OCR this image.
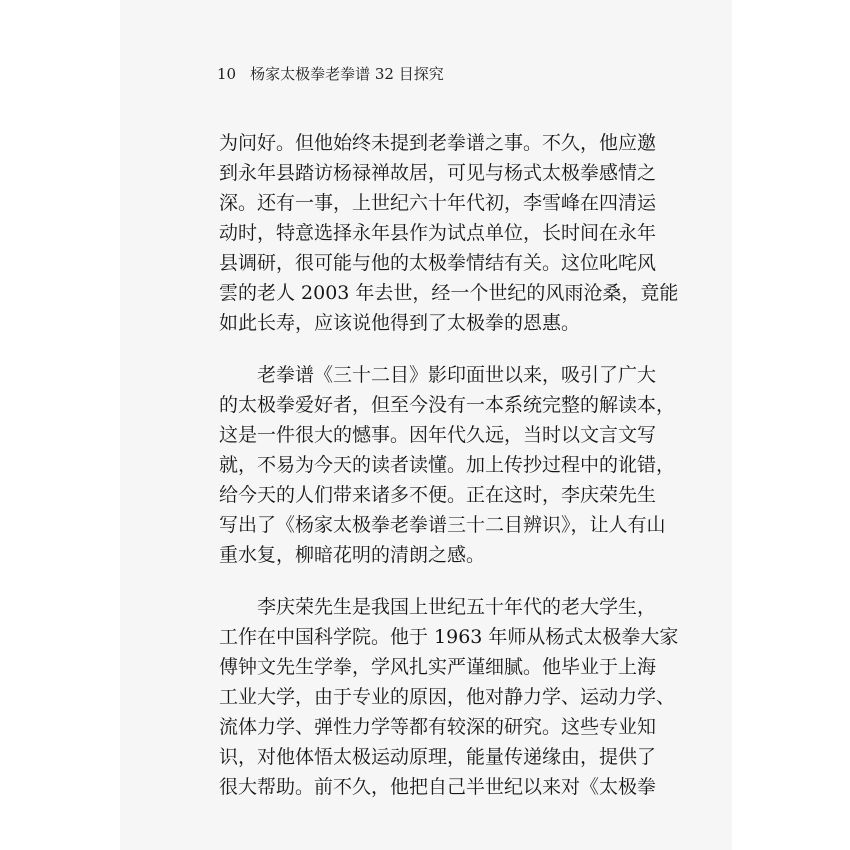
10 杨家太极拳老拳谱 32 目探究
为问好。但他始终未提到老拳谱之事。不久，他应邀
到永年县踏访杨禄禅故居，可见与杨式太极拳感情之
深。还有一事，上世纪六十年代初，李雪峰在四清运
动时，特意选择永年县作为试点单位，长时间在永年
县调研，很可能与他的太极拳情结有关。这位叱咤风
雲的老人 2003 年去世，经一个世纪的风雨沧桑，竟能
如此长寿，应该说他得到了太极拳的恩惠。
老拳谱《三十二目》影印面世以来，吸引了广大
的太极拳爱好者，但至今没有一本系统完整的解读本，
这是一件很大的憾事。因年代久远，当时以文言文写
就，不易为今天的读者读懂。加上传抄过程中的讹错，
给今天的人们带来诸多不便。正在这时，李庆荣先生
写出了《杨家太极拳老拳谱三十二目辨识》，让人有山
重水复，柳暗花明的清朗之感。
李庆荣先生是我国上世纪五十年代的老大学生，
工作在中国科学院。他于 1963 年师从杨式太极拳大家
傅钟文先生学拳，学风扎实严谨细腻。他毕业于上海
工业大学，由于专业的原因，他对静力学、运动力学、
流体力学、弹性力学等都有较深的研究。这些专业知
识，对他体悟太极运动原理，能量传递缘由，提供了
很大帮助。前不久，他把自己半世纪以来对《太极拳
